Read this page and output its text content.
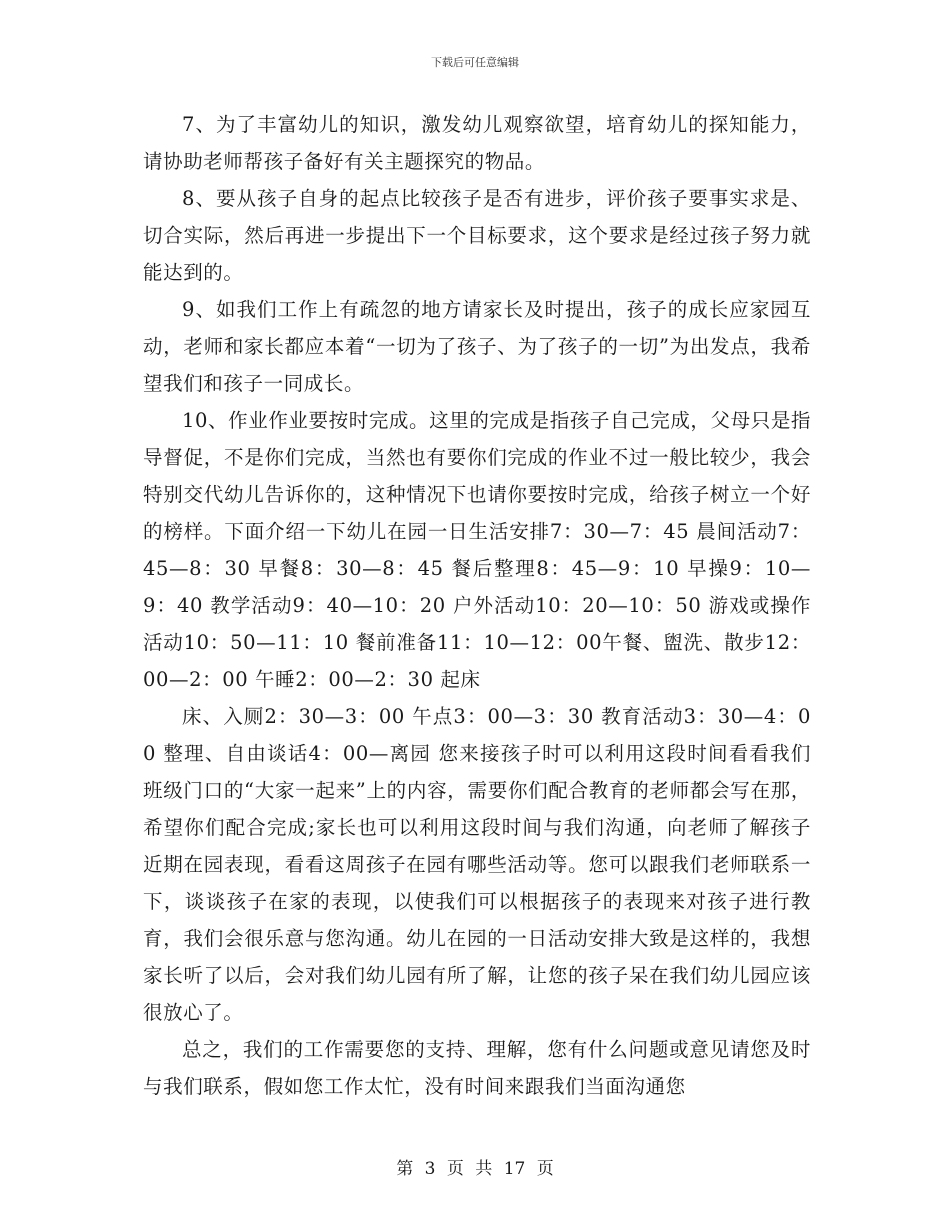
下载后可任意编辑

7、为了丰富幼儿的知识，激发幼儿观察欲望，培育幼儿的探知能力，请协助老师帮孩子备好有关主题探究的物品。

8、要从孩子自身的起点比较孩子是否有进步，评价孩子要事实求是、切合实际，然后再进一步提出下一个目标要求，这个要求是经过孩子努力就能达到的。

9、如我们工作上有疏忽的地方请家长及时提出，孩子的成长应家园互动，老师和家长都应本着“一切为了孩子、为了孩子的一切”为出发点，我希望我们和孩子一同成长。

10、作业作业要按时完成。这里的完成是指孩子自己完成，父母只是指导督促，不是你们完成，当然也有要你们完成的作业不过一般比较少，我会特别交代幼儿告诉你的，这种情况下也请你要按时完成，给孩子树立一个好的榜样。下面介绍一下幼儿在园一日生活安排7：30—7：45 晨间活动7：45—8：30 早餐8：30—8：45 餐后整理8：45—9：10 早操9：10—9：40 教学活动9：40—10：20 户外活动10：20—10：50 游戏或操作活动10：50—11：10 餐前准备11：10—12：00午餐、盥洗、散步12：00—2：00 午睡2：00—2：30 起床

床、入厕2：30—3：00 午点3：00—3：30 教育活动3：30—4：00 整理、自由谈话4：00—离园 您来接孩子时可以利用这段时间看看我们班级门口的“大家一起来”上的内容，需要你们配合教育的老师都会写在那，希望你们配合完成;家长也可以利用这段时间与我们沟通，向老师了解孩子近期在园表现，看看这周孩子在园有哪些活动等。您可以跟我们老师联系一下，谈谈孩子在家的表现，以使我们可以根据孩子的表现来对孩子进行教育，我们会很乐意与您沟通。幼儿在园的一日活动安排大致是这样的，我想家长听了以后，会对我们幼儿园有所了解，让您的孩子呆在我们幼儿园应该很放心了。

总之，我们的工作需要您的支持、理解，您有什么问题或意见请您及时与我们联系，假如您工作太忙，没有时间来跟我们当面沟通您

第 3 页 共 17 页
